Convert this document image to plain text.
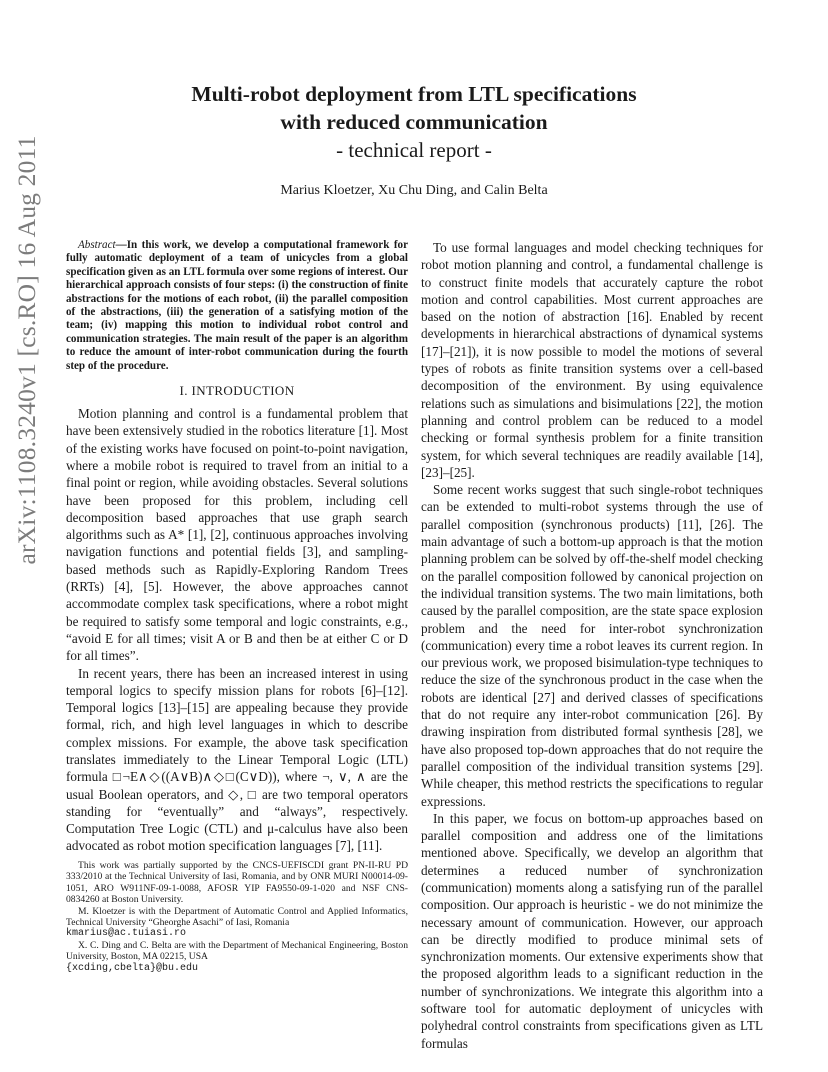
arXiv:1108.3240v1 [cs.RO] 16 Aug 2011

Multi-robot deployment from LTL specifications

with reduced communication

- technical report -

Marius Kloetzer, Xu Chu Ding, and Calin Belta

Abstract—In this work, we develop a computational framework for fully automatic deployment of a team of unicycles from a global specification given as an LTL formula over some regions of interest. Our hierarchical approach consists of four steps: (i) the construction of finite abstractions for the motions of each robot, (ii) the parallel composition of the abstractions, (iii) the generation of a satisfying motion of the team; (iv) mapping this motion to individual robot control and communication strategies. The main result of the paper is an algorithm to reduce the amount of inter-robot communication during the fourth step of the procedure.

I. INTRODUCTION

Motion planning and control is a fundamental problem that have been extensively studied in the robotics literature [1]. Most of the existing works have focused on point-to-point navigation, where a mobile robot is required to travel from an initial to a final point or region, while avoiding obstacles. Several solutions have been proposed for this problem, including cell decomposition based approaches that use graph search algorithms such as A* [1], [2], continuous approaches involving navigation functions and potential fields [3], and sampling-based methods such as Rapidly-Exploring Random Trees (RRTs) [4], [5]. However, the above approaches cannot accommodate complex task specifications, where a robot might be required to satisfy some temporal and logic constraints, e.g., “avoid E for all times; visit A or B and then be at either C or D for all times”.

In recent years, there has been an increased interest in using temporal logics to specify mission plans for robots [6]–[12]. Temporal logics [13]–[15] are appealing because they provide formal, rich, and high level languages in which to describe complex missions. For example, the above task specification translates immediately to the Linear Temporal Logic (LTL) formula □¬E∧◇((A∨B)∧◇□(C∨D)), where ¬, ∨, ∧ are the usual Boolean operators, and ◇, □ are two temporal operators standing for “eventually” and “always”, respectively. Computation Tree Logic (CTL) and μ-calculus have also been advocated as robot motion specification languages [7], [11].

This work was partially supported by the CNCS-UEFISCDI grant PN-II-RU PD 333/2010 at the Technical University of Iasi, Romania, and by ONR MURI N00014-09-1051, ARO W911NF-09-1-0088, AFOSR YIP FA9550-09-1-020 and NSF CNS-0834260 at Boston University.

M. Kloetzer is with the Department of Automatic Control and Applied Informatics, Technical University “Gheorghe Asachi” of Iasi, Romania

kmarius@ac.tuiasi.ro

X. C. Ding and C. Belta are with the Department of Mechanical Engineering, Boston University, Boston, MA 02215, USA

{xcding,cbelta}@bu.edu

To use formal languages and model checking techniques for robot motion planning and control, a fundamental challenge is to construct finite models that accurately capture the robot motion and control capabilities. Most current approaches are based on the notion of abstraction [16]. Enabled by recent developments in hierarchical abstractions of dynamical systems [17]–[21]), it is now possible to model the motions of several types of robots as finite transition systems over a cell-based decomposition of the environment. By using equivalence relations such as simulations and bisimulations [22], the motion planning and control problem can be reduced to a model checking or formal synthesis problem for a finite transition system, for which several techniques are readily available [14], [23]–[25].

Some recent works suggest that such single-robot techniques can be extended to multi-robot systems through the use of parallel composition (synchronous products) [11], [26]. The main advantage of such a bottom-up approach is that the motion planning problem can be solved by off-the-shelf model checking on the parallel composition followed by canonical projection on the individual transition systems. The two main limitations, both caused by the parallel composition, are the state space explosion problem and the need for inter-robot synchronization (communication) every time a robot leaves its current region. In our previous work, we proposed bisimulation-type techniques to reduce the size of the synchronous product in the case when the robots are identical [27] and derived classes of specifications that do not require any inter-robot communication [26]. By drawing inspiration from distributed formal synthesis [28], we have also proposed top-down approaches that do not require the parallel composition of the individual transition systems [29]. While cheaper, this method restricts the specifications to regular expressions.

In this paper, we focus on bottom-up approaches based on parallel composition and address one of the limitations mentioned above. Specifically, we develop an algorithm that determines a reduced number of synchronization (communication) moments along a satisfying run of the parallel composition. Our approach is heuristic - we do not minimize the necessary amount of communication. However, our approach can be directly modified to produce minimal sets of synchronization moments. Our extensive experiments show that the proposed algorithm leads to a significant reduction in the number of synchronizations. We integrate this algorithm into a software tool for automatic deployment of unicycles with polyhedral control constraints from specifications given as LTL formulas
